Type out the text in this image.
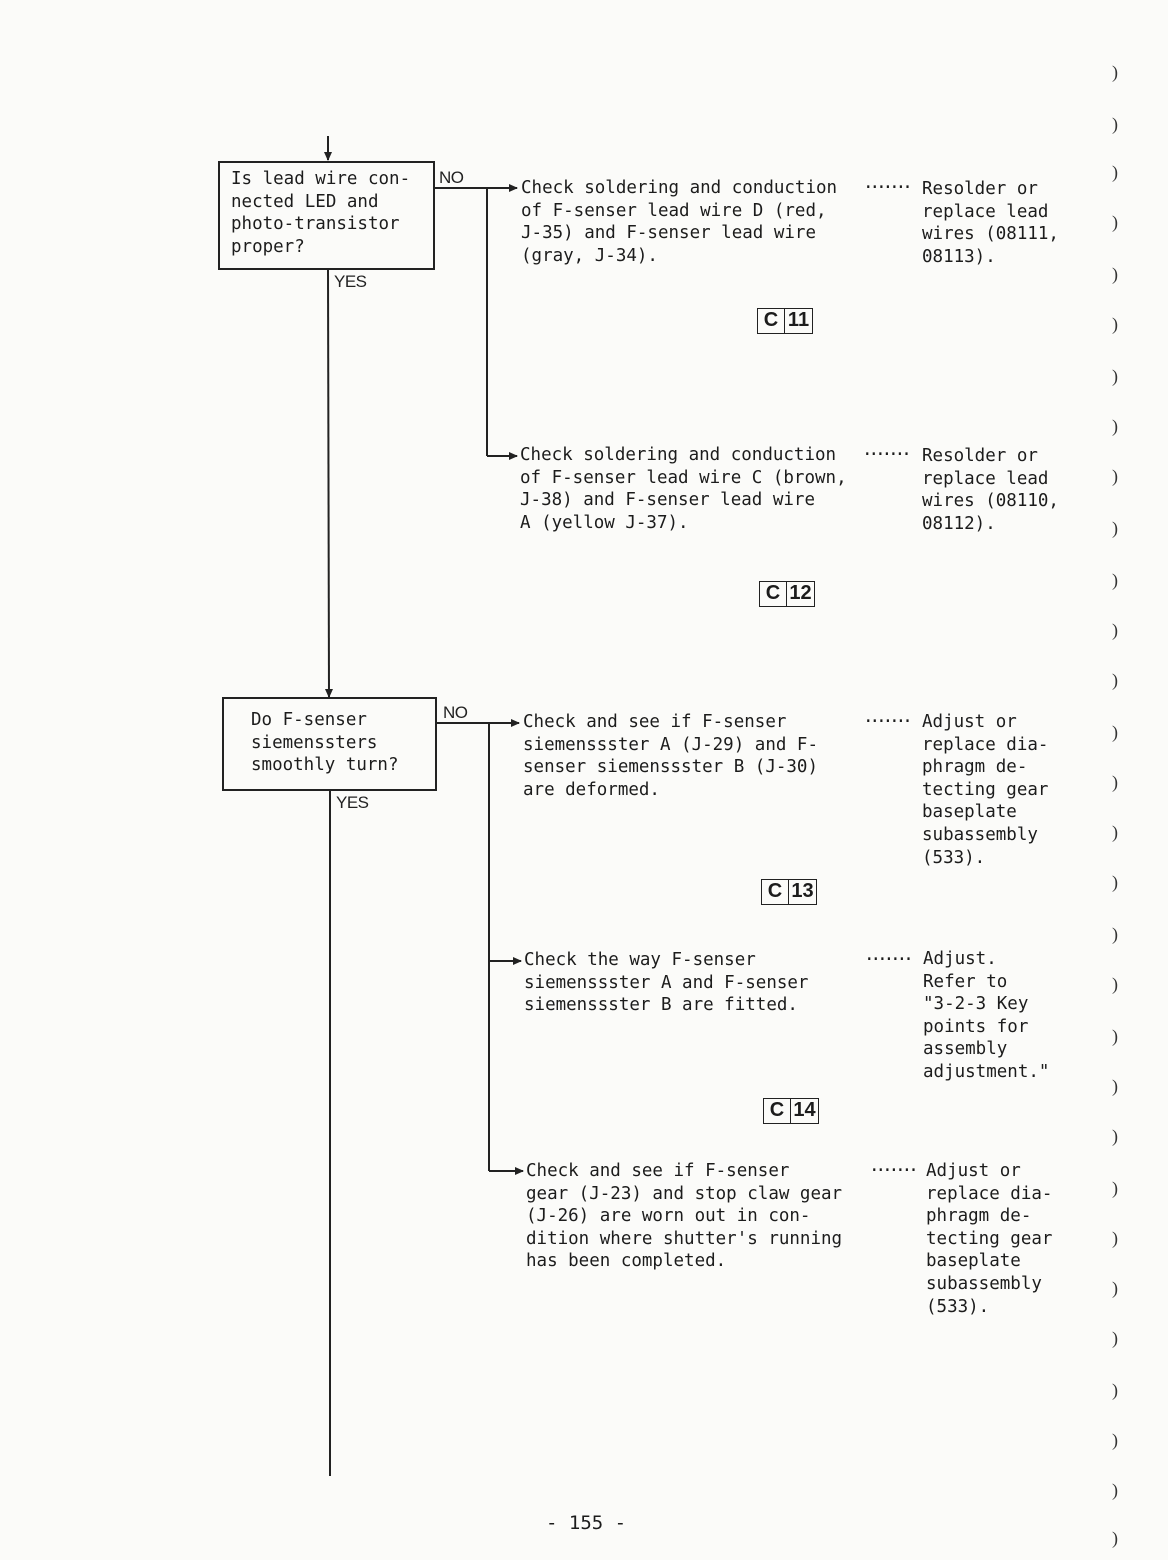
Is lead wire con-
nected LED and
photo-transistor
proper?

NO

YES

Check soldering and conduction
of F-senser lead wire D (red,
J-35) and F-senser lead wire
(gray, J-34).

······· Resolder or
replace lead
wires (08111,
08113).

C 11

Check soldering and conduction
of F-senser lead wire C (brown,
J-38) and F-senser lead wire
A (yellow J-37).

······· Resolder or
replace lead
wires (08110,
08112).

C 12

Do F-senser
siemenssters
smoothly turn?

NO

YES

Check and see if F-senser
siemenssster A (J-29) and F-
senser siemenssster B (J-30)
are deformed.

······· Adjust or
replace dia-
phragm de-
tecting gear
baseplate
subassembly
(533).

C 13

Check the way F-senser
siemenssster A and F-senser
siemenssster B are fitted.

······· Adjust.
Refer to
"3-2-3 Key
points for
assembly
adjustment."

C 14

Check and see if F-senser
gear (J-23) and stop claw gear
(J-26) are worn out in con-
dition where shutter's running
has been completed.

······· Adjust or
replace dia-
phragm de-
tecting gear
baseplate
subassembly
(533).

- 155 -

)

)

)

)

)

)

)

)

)

)

)

)

)

)

)

)

)

)

)

)

)

)

)

)

)

)

)

)

)

)
